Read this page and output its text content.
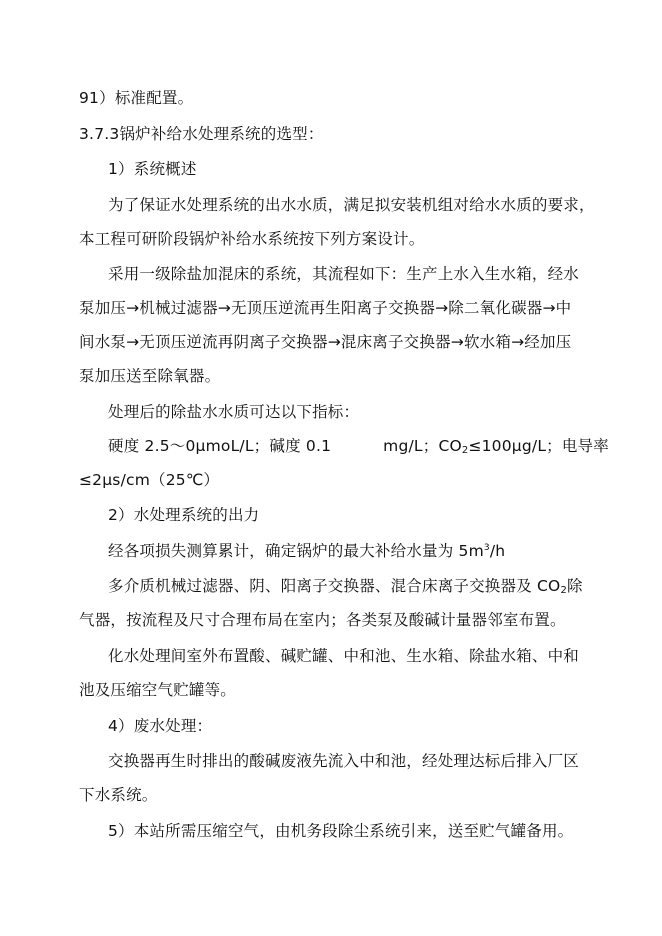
91）标准配置。
3.7.3锅炉补给水处理系统的选型：
1）系统概述
为了保证水处理系统的出水水质，满足拟安装机组对给水水质的要求，
本工程可研阶段锅炉补给水系统按下列方案设计。
采用一级除盐加混床的系统，其流程如下：生产上水入生水箱，经水
泵加压→机械过滤器→无顶压逆流再生阳离子交换器→除二氧化碳器→中
间水泵→无顶压逆流再阴离子交换器→混床离子交换器→软水箱→经加压
泵加压送至除氧器。
处理后的除盐水水质可达以下指标：
硬度 2.5～0μmoL/L；碱度 0.1	mg/L；$CO_2\le 100\mu g/L$；电导率
≤2μs/cm（25℃）
2）水处理系统的出力
经各项损失测算累计，确定锅炉的最大补给水量为 $5m^3/h$
多介质机械过滤器、阴、阳离子交换器、混合床离子交换器及 $CO_2$除
气器，按流程及尺寸合理布局在室内；各类泵及酸碱计量器邻室布置。
化水处理间室外布置酸、碱贮罐、中和池、生水箱、除盐水箱、中和
池及压缩空气贮罐等。
4）废水处理：
交换器再生时排出的酸碱废液先流入中和池，经处理达标后排入厂区
下水系统。
5）本站所需压缩空气，由机务段除尘系统引来，送至贮气罐备用。
